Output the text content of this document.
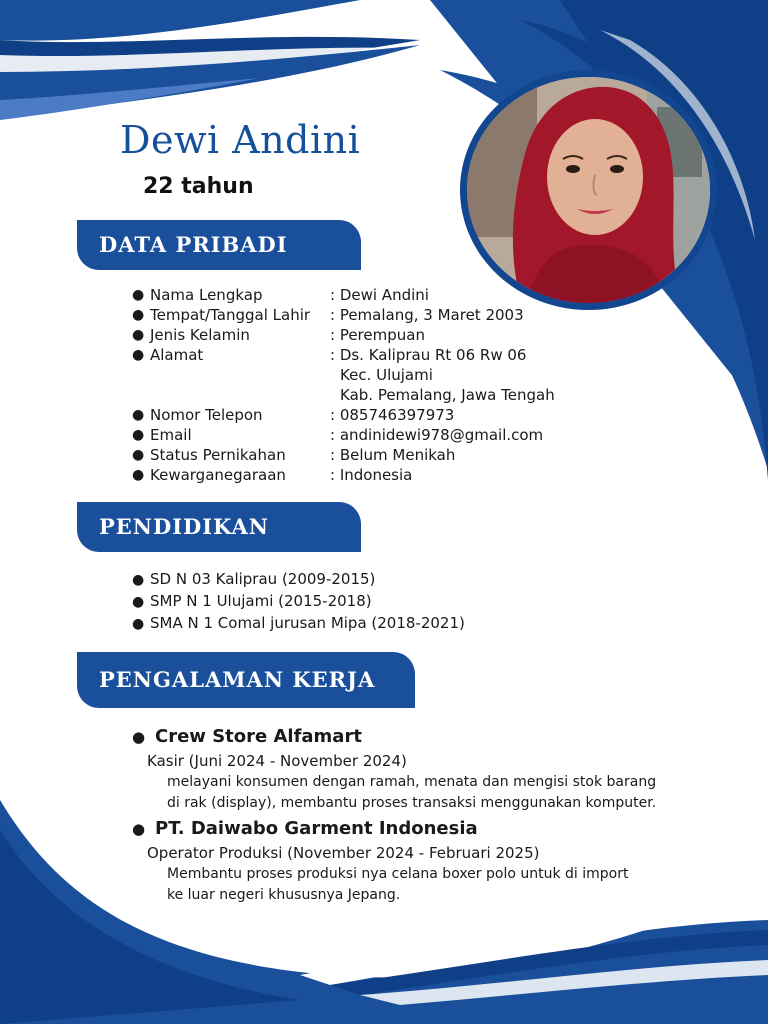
Dewi Andini
22 tahun
DATA PRIBADI
● Nama Lengkap	: Dewi Andini
● Tempat/Tanggal Lahir : Pemalang, 3 Maret 2003
● Jenis Kelamin	: Perempuan
● Alamat	: Ds. Kaliprau Rt 06 Rw 06
Kec. Ulujami
Kab. Pemalang, Jawa Tengah
● Nomor Telepon	: 085746397973
● Email	: andinidewi978@gmail.com
● Status Pernikahan	: Belum Menikah
● Kewarganegaraan	: Indonesia
PENDIDIKAN
● SD N 03 Kaliprau (2009-2015)
● SMP N 1 Ulujami (2015-2018)
● SMA N 1 Comal jurusan Mipa (2018-2021)
PENGALAMAN KERJA
● Crew Store Alfamart
Kasir (Juni 2024 - November 2024)
melayani konsumen dengan ramah, menata dan mengisi stok barang
di rak (display), membantu proses transaksi menggunakan komputer.
● PT. Daiwabo Garment Indonesia
Operator Produksi (November 2024 - Februari 2025)
Membantu proses produksi nya celana boxer polo untuk di import
ke luar negeri khususnya Jepang.
